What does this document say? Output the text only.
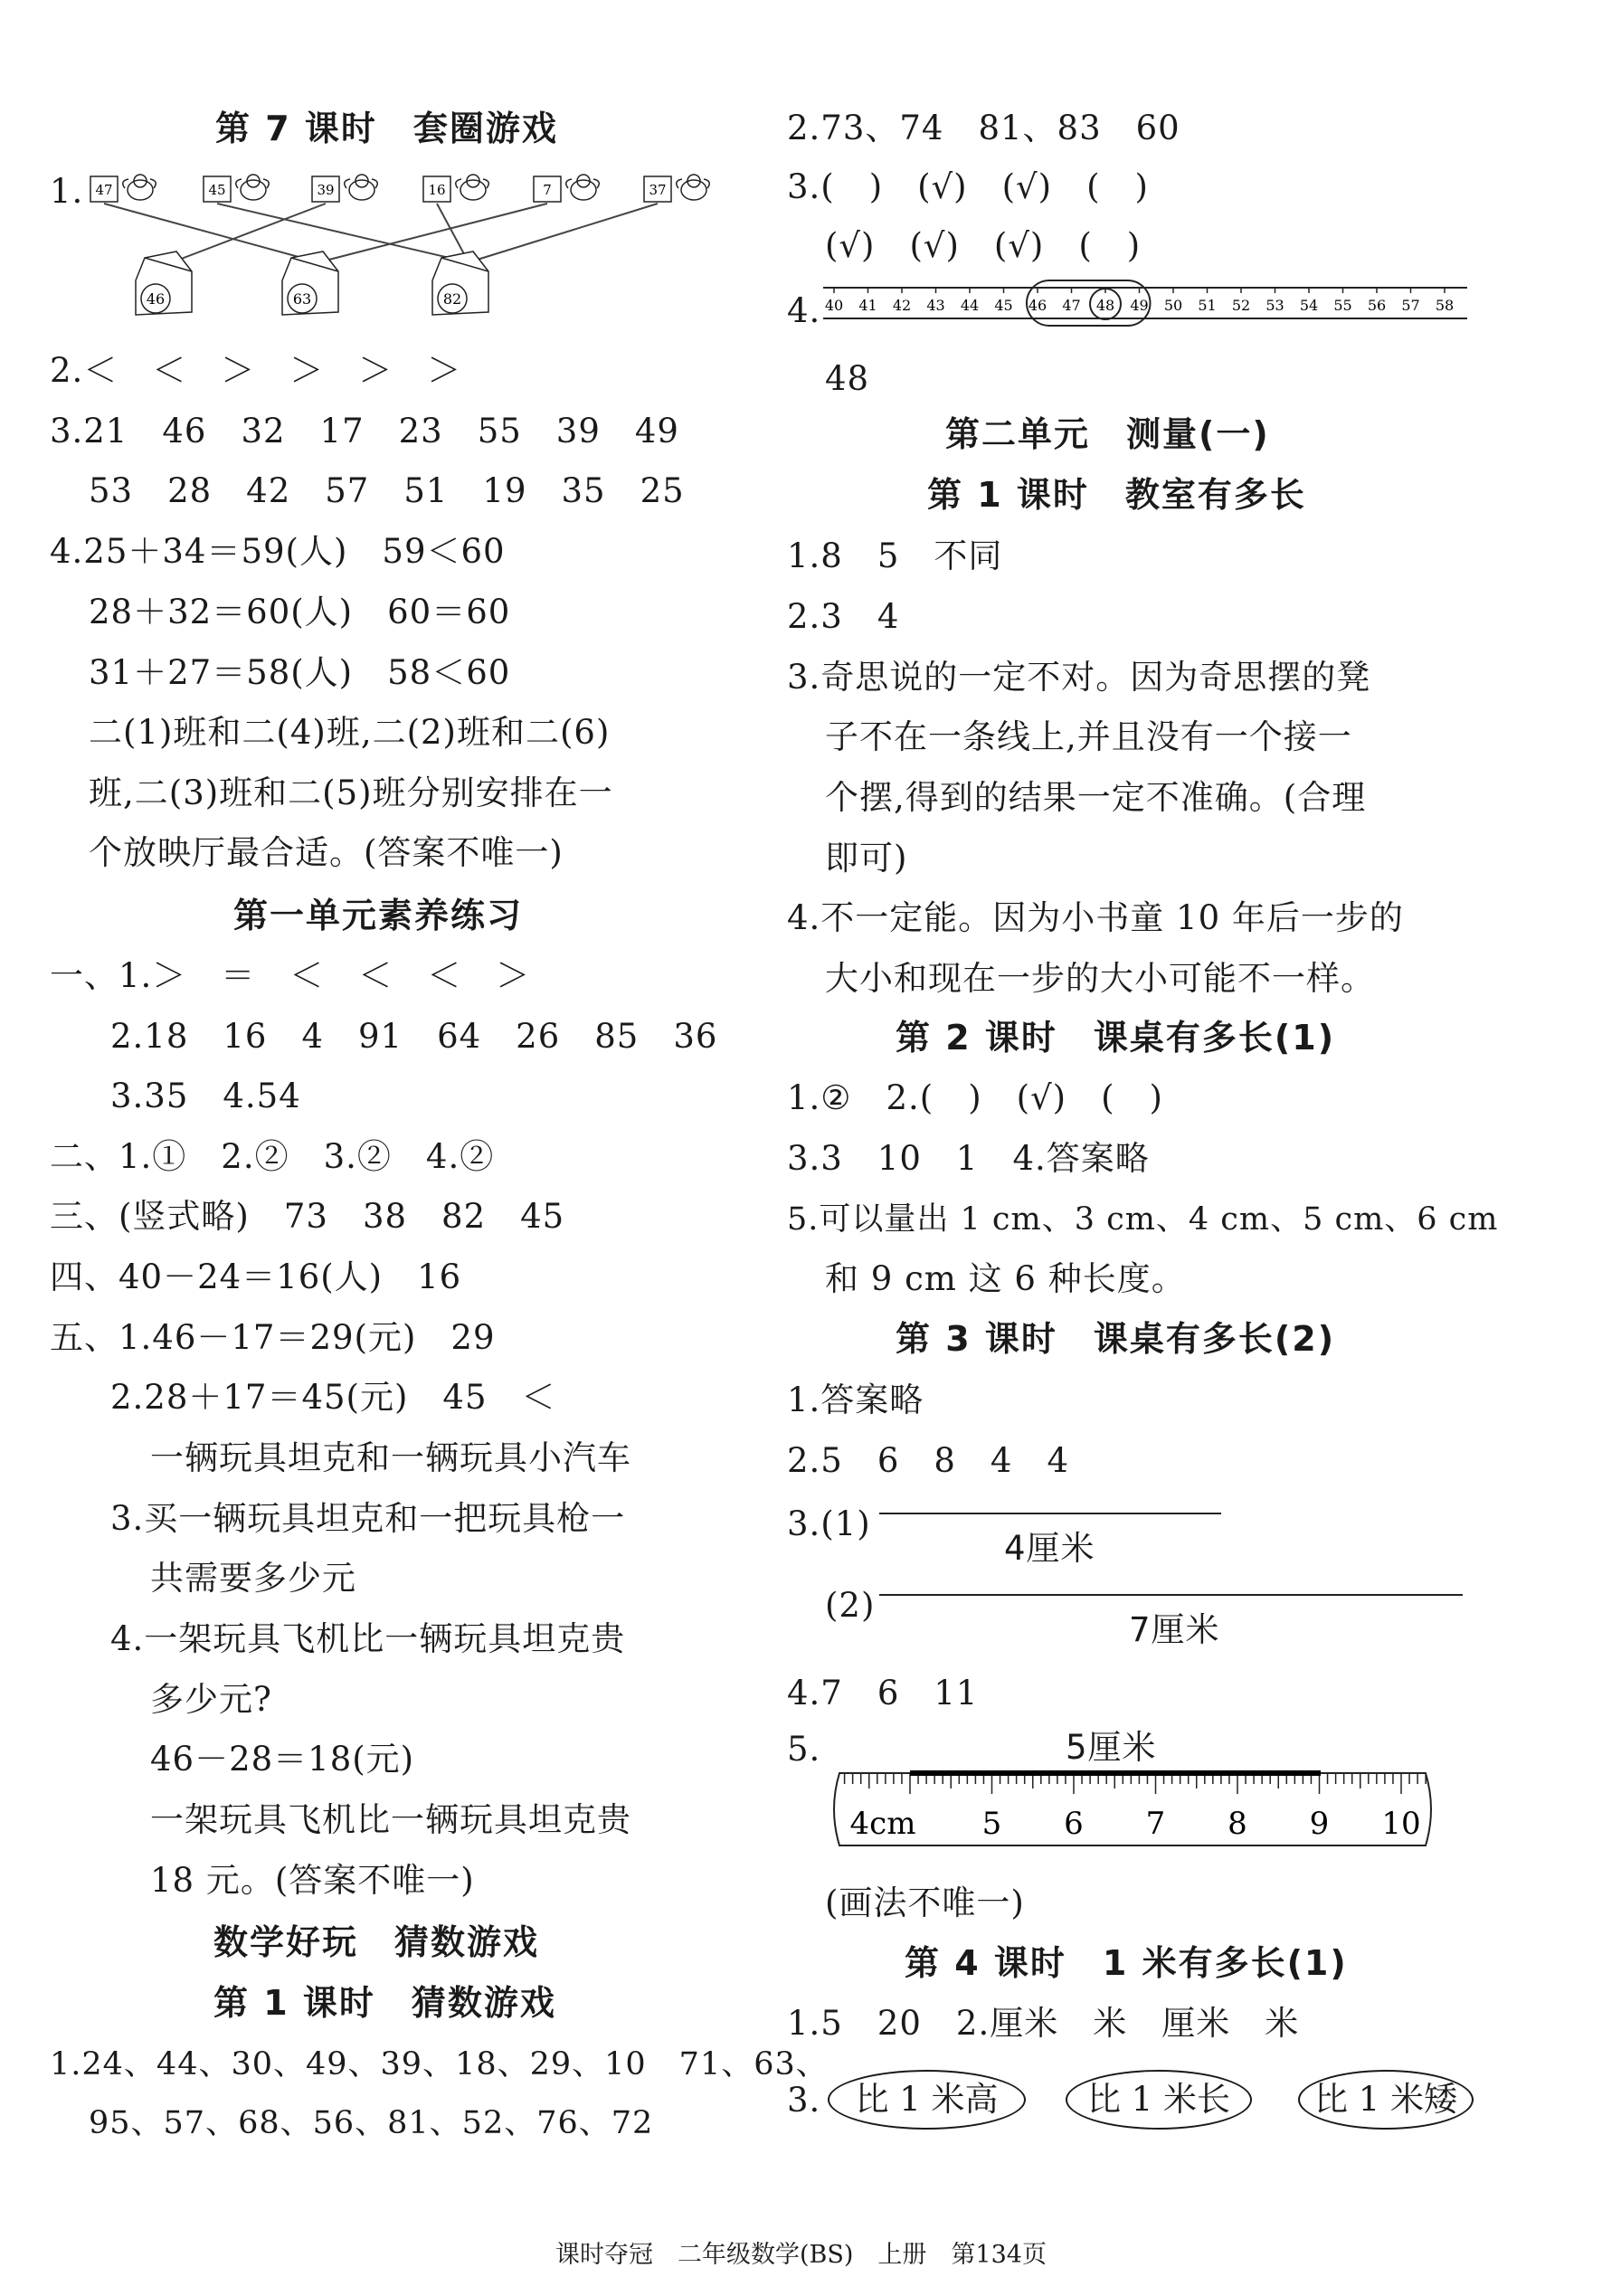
第 7 课时　套圈游戏
1. 47	45	39	16	7	37
46	63	82
2.＜　＜　＞　＞　＞　＞
3.21　46　32　17　23　55　39　49
53　28　42　57　51　19　35　25
4.25＋34＝59(人)　59＜60
28＋32＝60(人)　60＝60
31＋27＝58(人)　58＜60
二(1)班和二(4)班,二(2)班和二(6)
班,二(3)班和二(5)班分别安排在一
个放映厅最合适。(答案不唯一)
第一单元素养练习
一、1.＞　＝　＜　＜　＜　＞
2.18　16　4　91　64　26　85　36
3.35　4.54
二、1.①　2.②　3.②　4.②
三、(竖式略)　73　38　82　45
四、40－24＝16(人)　16
五、1.46－17＝29(元)　29
2.28＋17＝45(元)　45　＜
一辆玩具坦克和一辆玩具小汽车
3.买一辆玩具坦克和一把玩具枪一
共需要多少元
4.一架玩具飞机比一辆玩具坦克贵
多少元?
46－28＝18(元)
一架玩具飞机比一辆玩具坦克贵
18 元。(答案不唯一)
数学好玩　猜数游戏
第 1 课时　猜数游戏
1.24、44、30、49、39、18、29、10　71、63、
95、57、68、56、81、52、76、72
2.73、74　81、83　60
3.(　)　(√)　(√)　(　)
(√)　(√)　(√)　(　)
4. 40 41 42 43 44 45 46 47 48 49 50 51 52 53 54 55 56 57 58
48
第二单元　测量(一)
第 1 课时　教室有多长
1.8　5　不同
2.3　4
3.奇思说的一定不对。因为奇思摆的凳
子不在一条线上,并且没有一个接一
个摆,得到的结果一定不准确。(合理
即可)
4.不一定能。因为小书童 10 年后一步的
大小和现在一步的大小可能不一样。
第 2 课时　课桌有多长(1)
1.②　2.(　)　(√)　(　)
3.3　10　1　4.答案略
5.可以量出 1 cm、3 cm、4 cm、5 cm、6 cm
和 9 cm 这 6 种长度。
第 3 课时　课桌有多长(2)
1.答案略
2.5　6　8　4　4
3.(1)
4厘米
(2)
7厘米
4.7　6　11
5.	5厘米
4cm 5 6 7 8 9 10
(画法不唯一)
第 4 课时　1 米有多长(1)
1.5　20　2.厘米　米　厘米　米
3.	比 1 米高	比 1 米长	比 1 米矮
课时夺冠　二年级数学(BS)　上册　第134页
